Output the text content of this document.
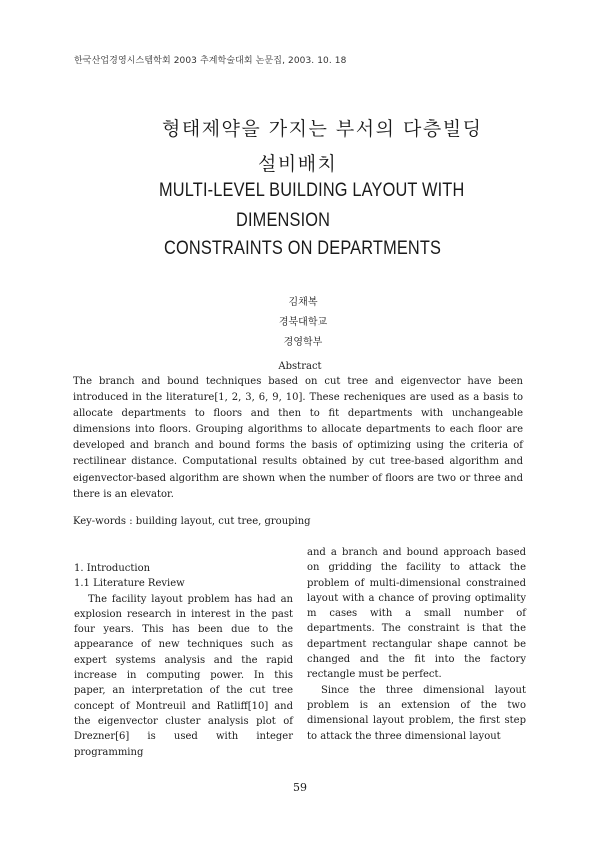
한국산업경영시스템학회 2003 추계학술대회 논문집, 2003. 10. 18
형태제약을 가지는 부서의 다층빌딩
설비배치
MULTI-LEVEL BUILDING LAYOUT WITH
DIMENSION
CONSTRAINTS ON DEPARTMENTS
김채복
경북대학교
경영학부
Abstract
The branch and bound techniques based on cut tree and eigenvector have been introduced in the literature[1, 2, 3, 6, 9, 10]. These recheniques are used as a basis to allocate departments to floors and then to fit departments with unchangeable dimensions into floors. Grouping algorithms to allocate departments to each floor are developed and branch and bound forms the basis of optimizing using the criteria of rectilinear distance. Computational results obtained by cut tree-based algorithm and eigenvector-based algorithm are shown when the number of floors are two or three and there is an elevator.
Key-words : building layout, cut tree, grouping

1. Introduction

1.1 Literature Review

The facility layout problem has had an explosion research in interest in the past four years. This has been due to the appearance of new techniques such as expert systems analysis and the rapid increase in computing power. In this paper, an interpretation of the cut tree concept of Montreuil and Ratliff[10] and the eigenvector cluster analysis plot of Drezner[6] is used with integer programming

and a branch and bound approach based on gridding the facility to attack the problem of multi-dimensional constrained layout with a chance of proving optimality m cases with a small number of departments. The constraint is that the department rectangular shape cannot be changed and the fit into the factory rectangle must be perfect.

Since the three dimensional layout problem is an extension of the two dimensional layout problem, the first step to attack the three dimensional layout

59
